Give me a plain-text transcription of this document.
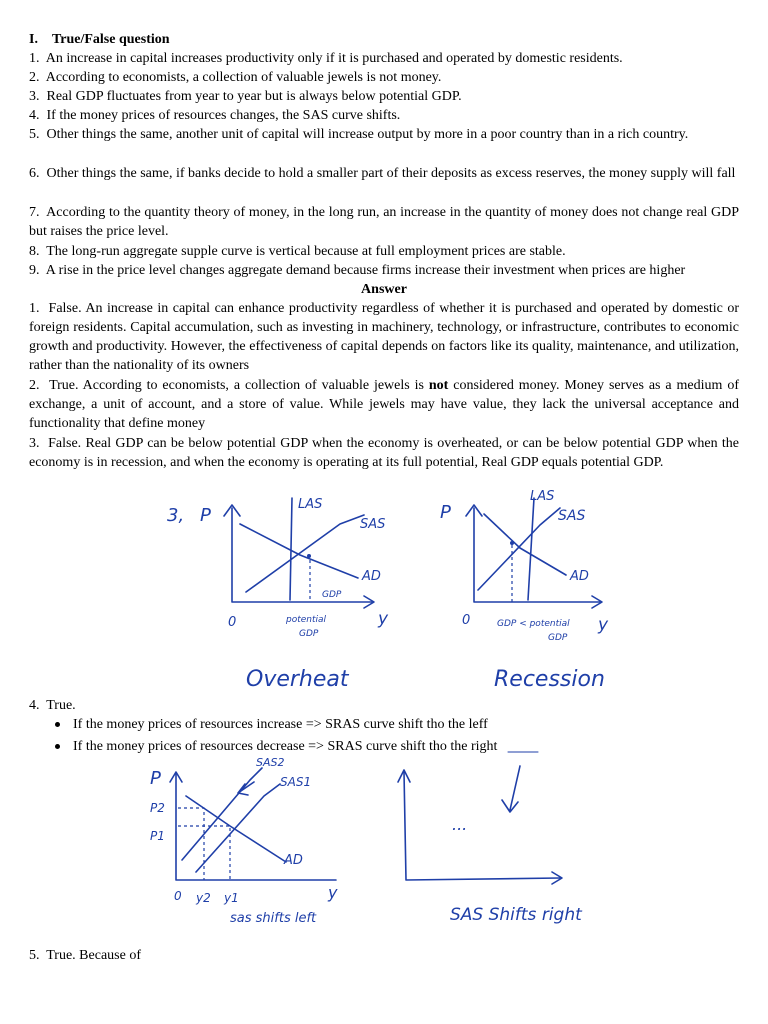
I. True/False question
1. An increase in capital increases productivity only if it is purchased and operated by domestic residents.
2. According to economists, a collection of valuable jewels is not money.
3. Real GDP fluctuates from year to year but is always below potential GDP.
4. If the money prices of resources changes, the SAS curve shifts.
5. Other things the same, another unit of capital will increase output by more in a poor country than in a rich country.
6. Other things the same, if banks decide to hold a smaller part of their deposits as excess reserves, the money supply will fall
7. According to the quantity theory of money, in the long run, an increase in the quantity of money does not change real GDP but raises the price level.
8. The long-run aggregate supple curve is vertical because at full employment prices are stable.
9. A rise in the price level changes aggregate demand because firms increase their investment when prices are higher
Answer
1. False. An increase in capital can enhance productivity regardless of whether it is purchased and operated by domestic or foreign residents. Capital accumulation, such as investing in machinery, technology, or infrastructure, contributes to economic growth and productivity. However, the effectiveness of capital depends on factors like its quality, maintenance, and utilization, rather than the nationality of its owners
2. True. According to economists, a collection of valuable jewels is not considered money. Money serves as a medium of exchange, a unit of account, and a store of value. While jewels may have value, they lack the universal acceptance and functionality that define money
3. False. Real GDP can be below potential GDP when the economy is overheated, or can be below potential GDP when the economy is in recession, and when the economy is operating at its full potential, Real GDP equals potential GDP.
3, P
LAS
SAS
AD
GDP
0	y
potential
GDP
Overheat
P
LAS
SAS
AD
0	y
GDP < potential
GDP
Recession
4. True.
If the money prices of resources increase => SRAS curve shift tho the leff
If the money prices of resources decrease => SRAS curve shift tho the right
P
P2
P1
SAS2
SAS1
AD
0 y2 y1	y
sas shifts left
...
SAS Shifts right
5. True. Because of
